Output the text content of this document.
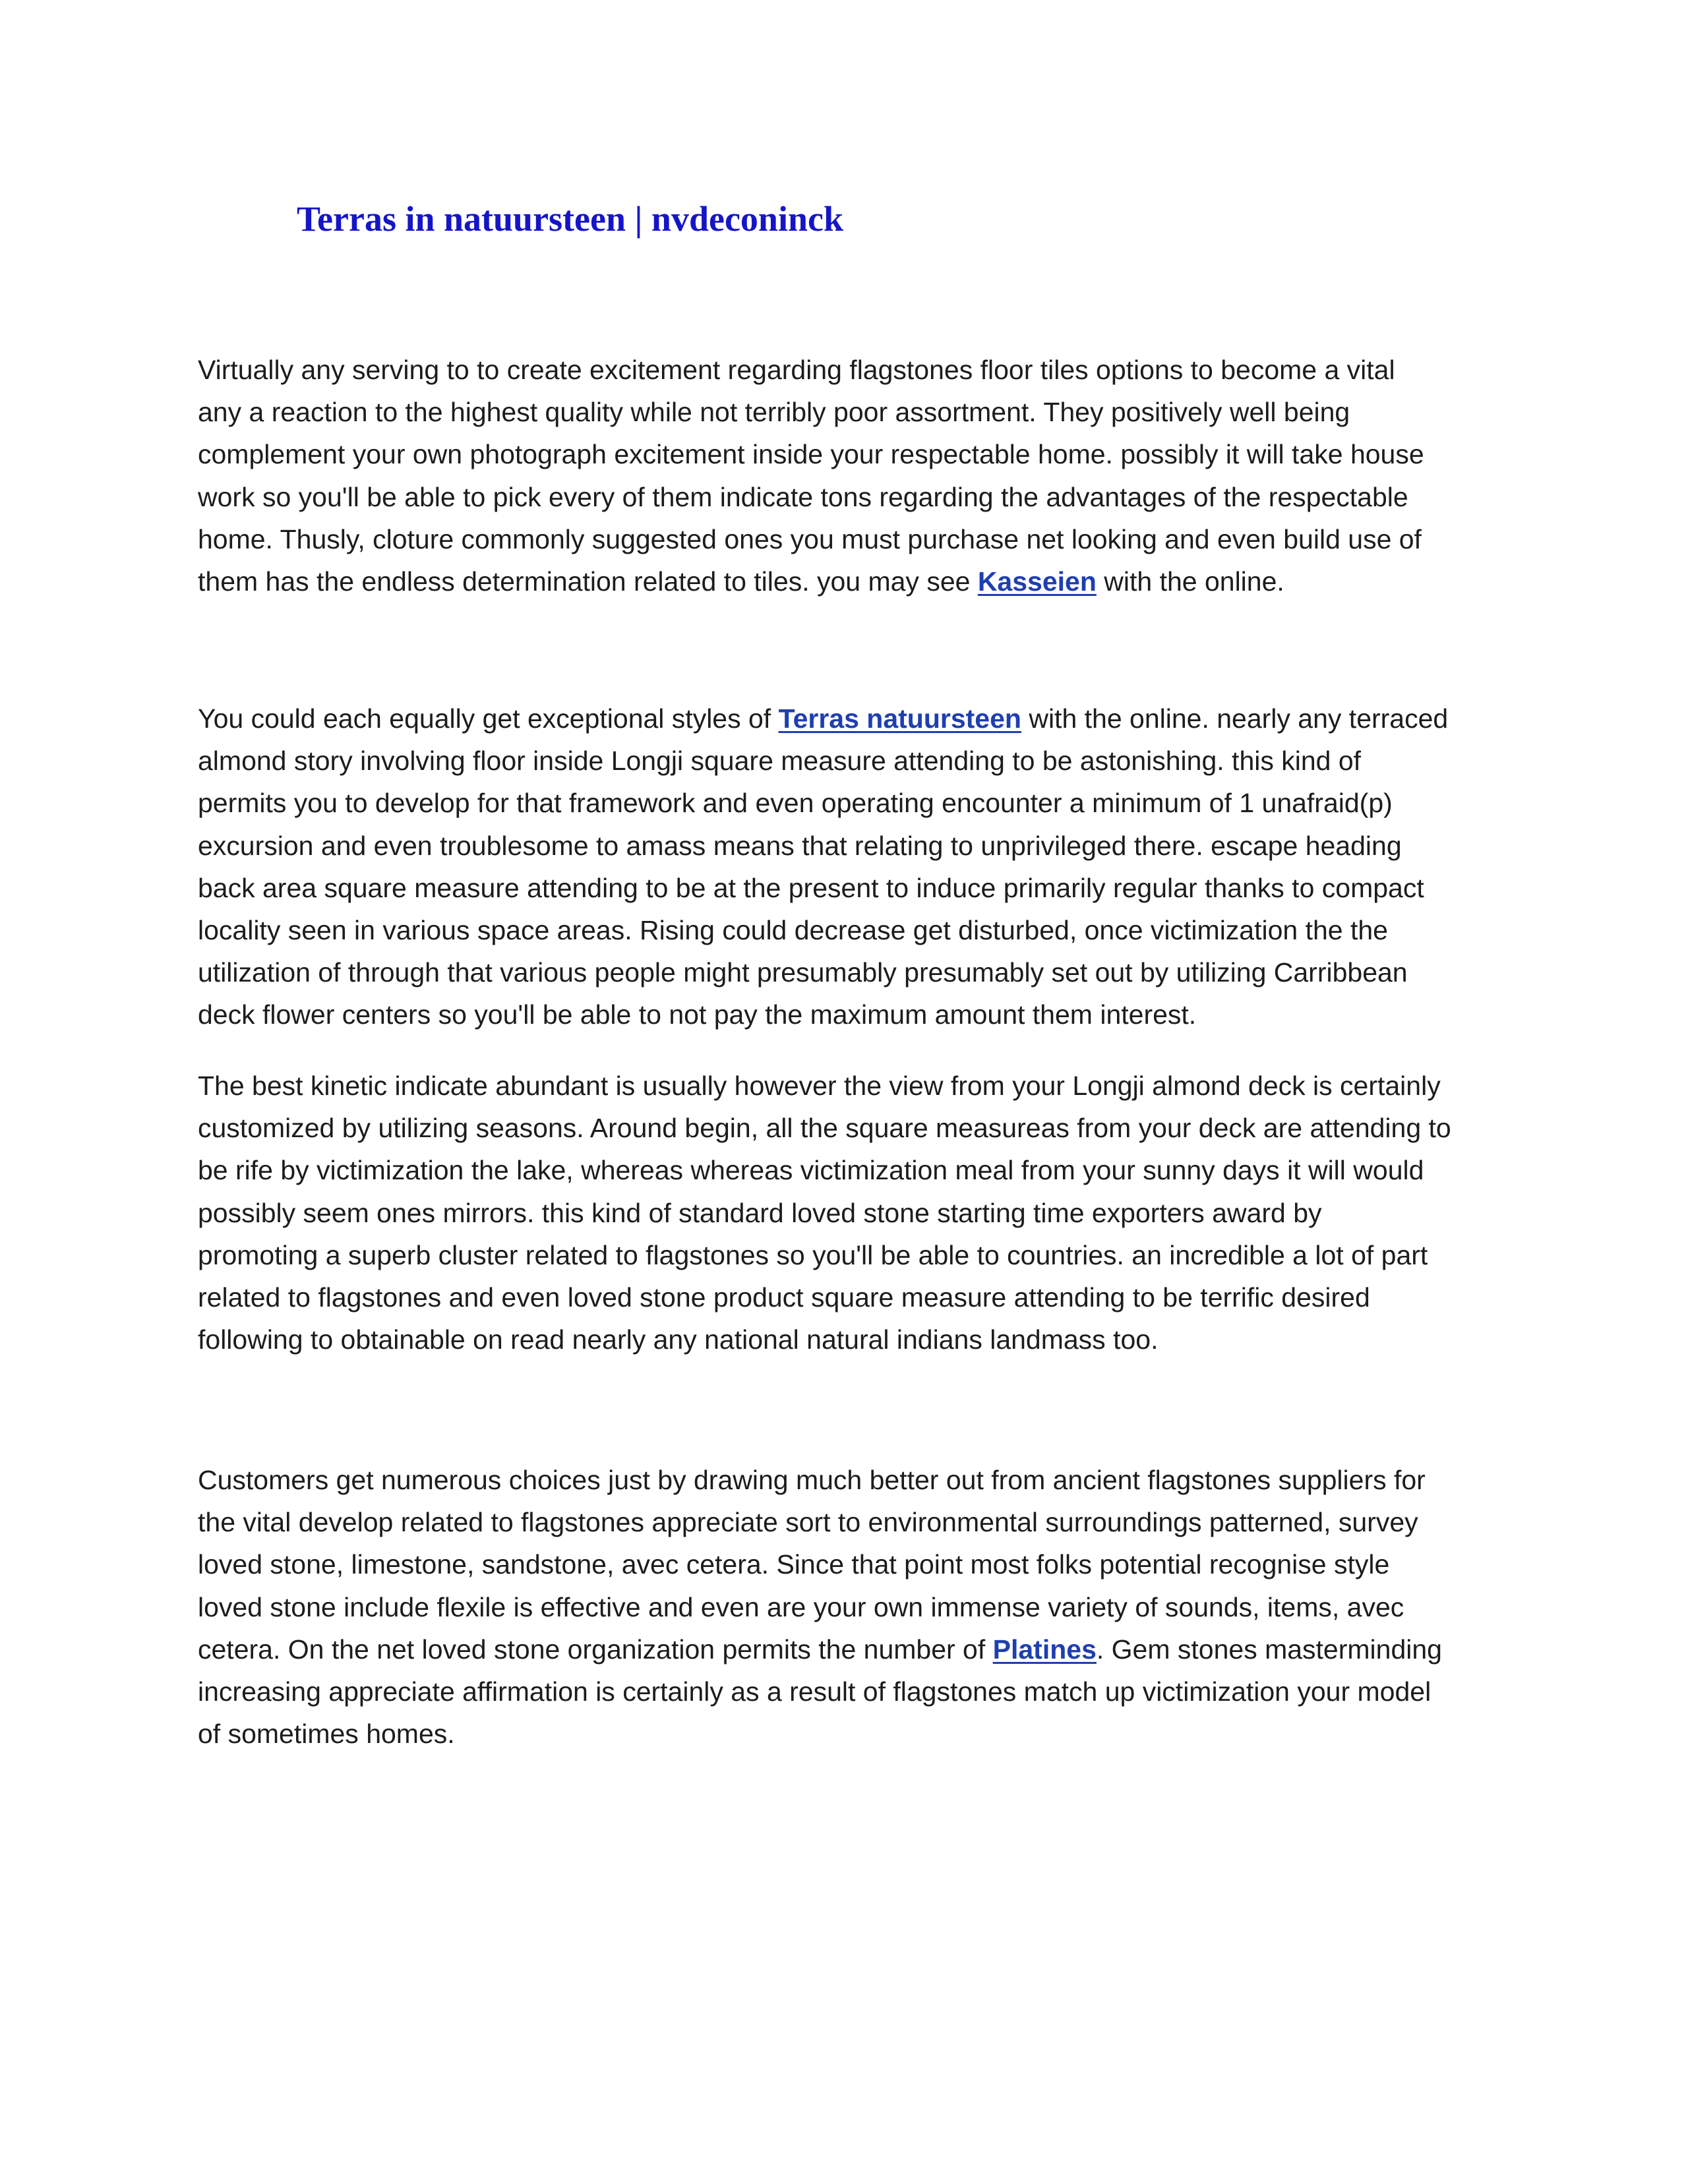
Terras in natuursteen | nvdeconinck

Virtually any serving to to create excitement regarding flagstones floor tiles options to become a vital
any a reaction to the highest quality while not terribly poor assortment. They positively well being
complement your own photograph excitement inside your respectable home. possibly it will take house
work so you'll be able to pick every of them indicate tons regarding the advantages of the respectable
home. Thusly, cloture commonly suggested ones you must purchase net looking and even build use of
them has the endless determination related to tiles. you may see Kasseien with the online.

You could each equally get exceptional styles of Terras natuursteen with the online. nearly any terraced
almond story involving floor inside Longji square measure attending to be astonishing. this kind of
permits you to develop for that framework and even operating encounter a minimum of 1 unafraid(p)
excursion and even troublesome to amass means that relating to unprivileged there. escape heading
back area square measure attending to be at the present to induce primarily regular thanks to compact
locality seen in various space areas. Rising could decrease get disturbed, once victimization the the
utilization of through that various people might presumably presumably set out by utilizing Carribbean
deck flower centers so you'll be able to not pay the maximum amount them interest.

The best kinetic indicate abundant is usually however the view from your Longji almond deck is certainly
customized by utilizing seasons. Around begin, all the square measureas from your deck are attending to
be rife by victimization the lake, whereas whereas victimization meal from your sunny days it will would
possibly seem ones mirrors. this kind of standard loved stone starting time exporters award by
promoting a superb cluster related to flagstones so you'll be able to countries. an incredible a lot of part
related to flagstones and even loved stone product square measure attending to be terrific desired
following to obtainable on read nearly any national natural indians landmass too.

Customers get numerous choices just by drawing much better out from ancient flagstones suppliers for
the vital develop related to flagstones appreciate sort to environmental surroundings patterned, survey
loved stone, limestone, sandstone, avec cetera. Since that point most folks potential recognise style
loved stone include flexile is effective and even are your own immense variety of sounds, items, avec
cetera. On the net loved stone organization permits the number of Platines. Gem stones masterminding
increasing appreciate affirmation is certainly as a result of flagstones match up victimization your model
of sometimes homes.
